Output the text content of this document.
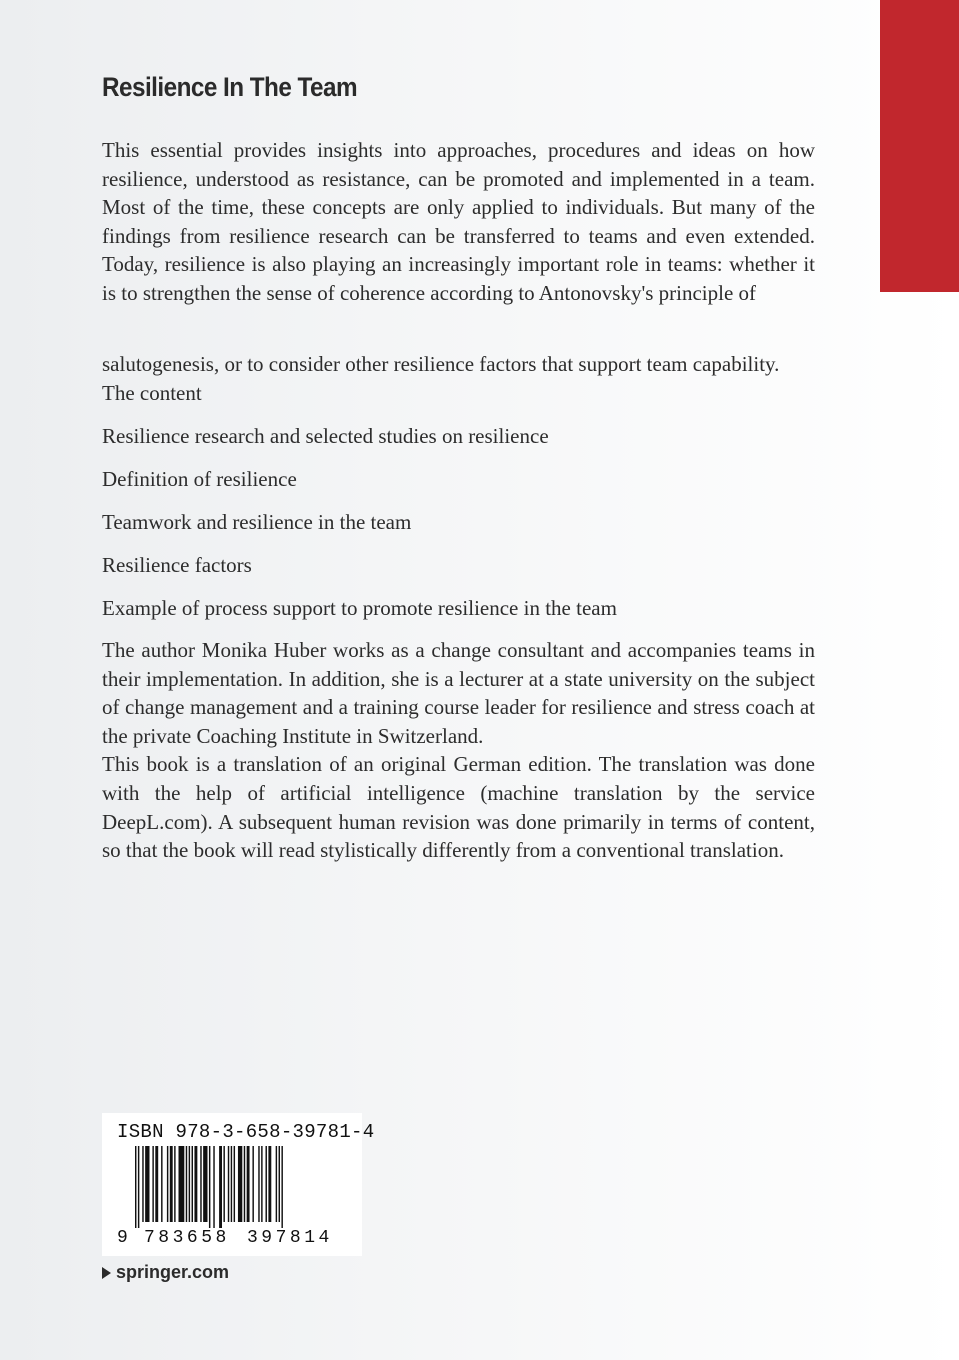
Resilience In The Team
This essential provides insights into approaches, procedures and ideas on how resilience, understood as resistance, can be promoted and implemented in a team. Most of the time, these concepts are only applied to individuals. But many of the findings from resilience research can be transferred to teams and even extended. Today, resilience is also playing an increasingly important role in teams: whether it is to strengthen the sense of coherence according to Antonovsky's principle of
salutogenesis, or to consider other resilience factors that support team capability. The content
Resilience research and selected studies on resilience
Definition of resilience
Teamwork and resilience in the team
Resilience factors
Example of process support to promote resilience in the team

The author Monika Huber works as a change consultant and accompanies teams in their implementation. In addition, she is a lecturer at a state university on the subject of change management and a training course leader for resilience and stress coach at the private Coaching Institute in Switzerland.

This book is a translation of an original German edition. The translation was done with the help of artificial intelligence (machine translation by the service DeepL.com). A subsequent human revision was done primarily in terms of content, so that the book will read stylistically differently from a conventional translation.

ISBN 978-3-658-39781-4
9 783658 397814
springer.com
